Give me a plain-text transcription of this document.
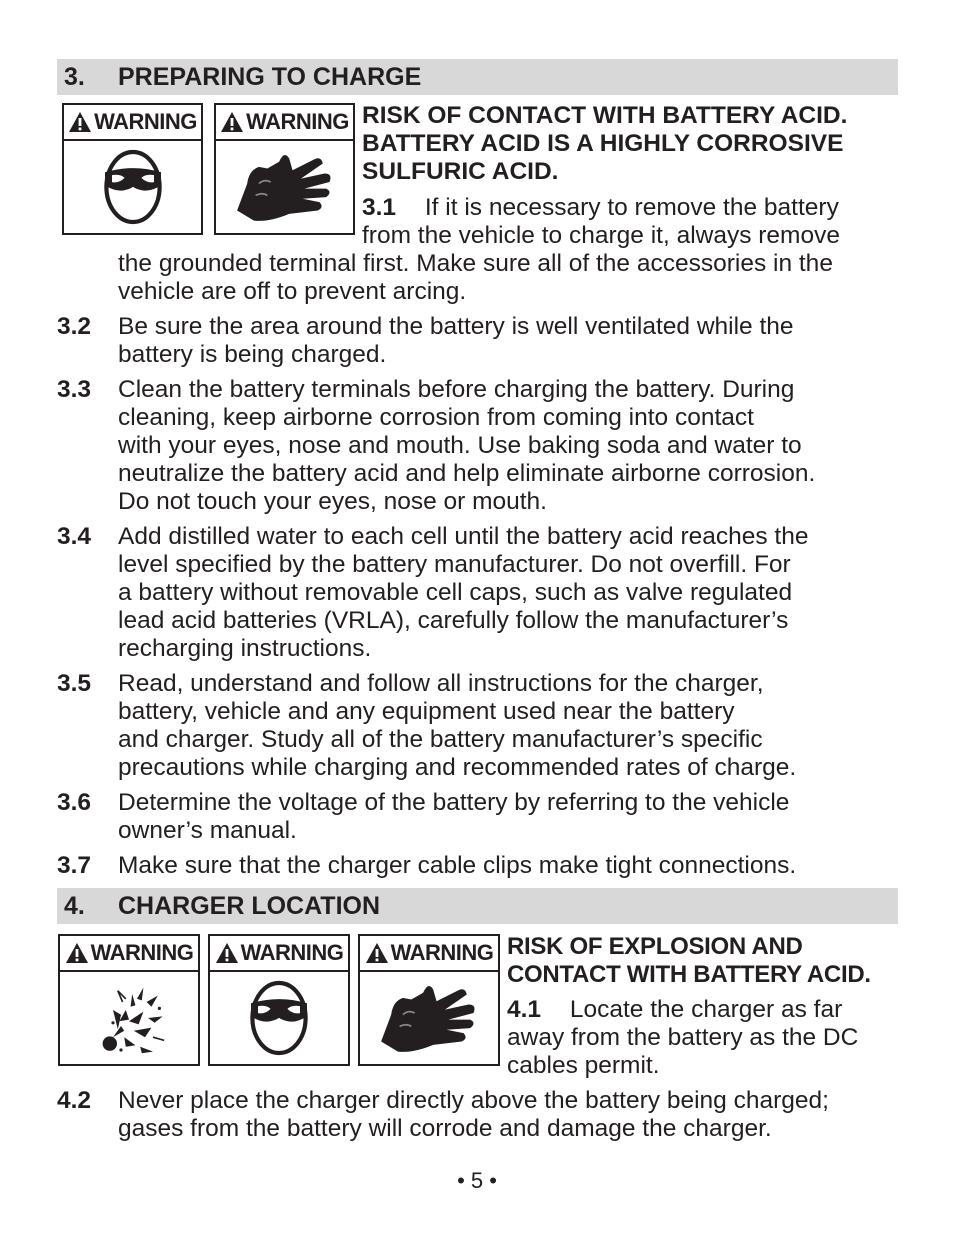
3. PREPARING TO CHARGE
WARNING WARNING RISK OF CONTACT WITH BATTERY ACID.
BATTERY ACID IS A HIGHLY CORROSIVE
SULFURIC ACID.
3.1 If it is necessary to remove the battery
from the vehicle to charge it, always remove
the grounded terminal first. Make sure all of the accessories in the
vehicle are off to prevent arcing.
3.2 Be sure the area around the battery is well ventilated while the
battery is being charged.
3.3 Clean the battery terminals before charging the battery. During
cleaning, keep airborne corrosion from coming into contact
with your eyes, nose and mouth. Use baking soda and water to
neutralize the battery acid and help eliminate airborne corrosion.
Do not touch your eyes, nose or mouth.
3.4 Add distilled water to each cell until the battery acid reaches the
level specified by the battery manufacturer. Do not overfill. For
a battery without removable cell caps, such as valve regulated
lead acid batteries (VRLA), carefully follow the manufacturer’s
recharging instructions.
3.5 Read, understand and follow all instructions for the charger,
battery, vehicle and any equipment used near the battery
and charger. Study all of the battery manufacturer’s specific
precautions while charging and recommended rates of charge.
3.6 Determine the voltage of the battery by referring to the vehicle
owner’s manual.
3.7 Make sure that the charger cable clips make tight connections.
4. CHARGER LOCATION
WARNING WARNING WARNING RISK OF EXPLOSION AND
CONTACT WITH BATTERY ACID.
4.1 Locate the charger as far
away from the battery as the DC
cables permit.
4.2 Never place the charger directly above the battery being charged;
gases from the battery will corrode and damage the charger.
• 5 •
